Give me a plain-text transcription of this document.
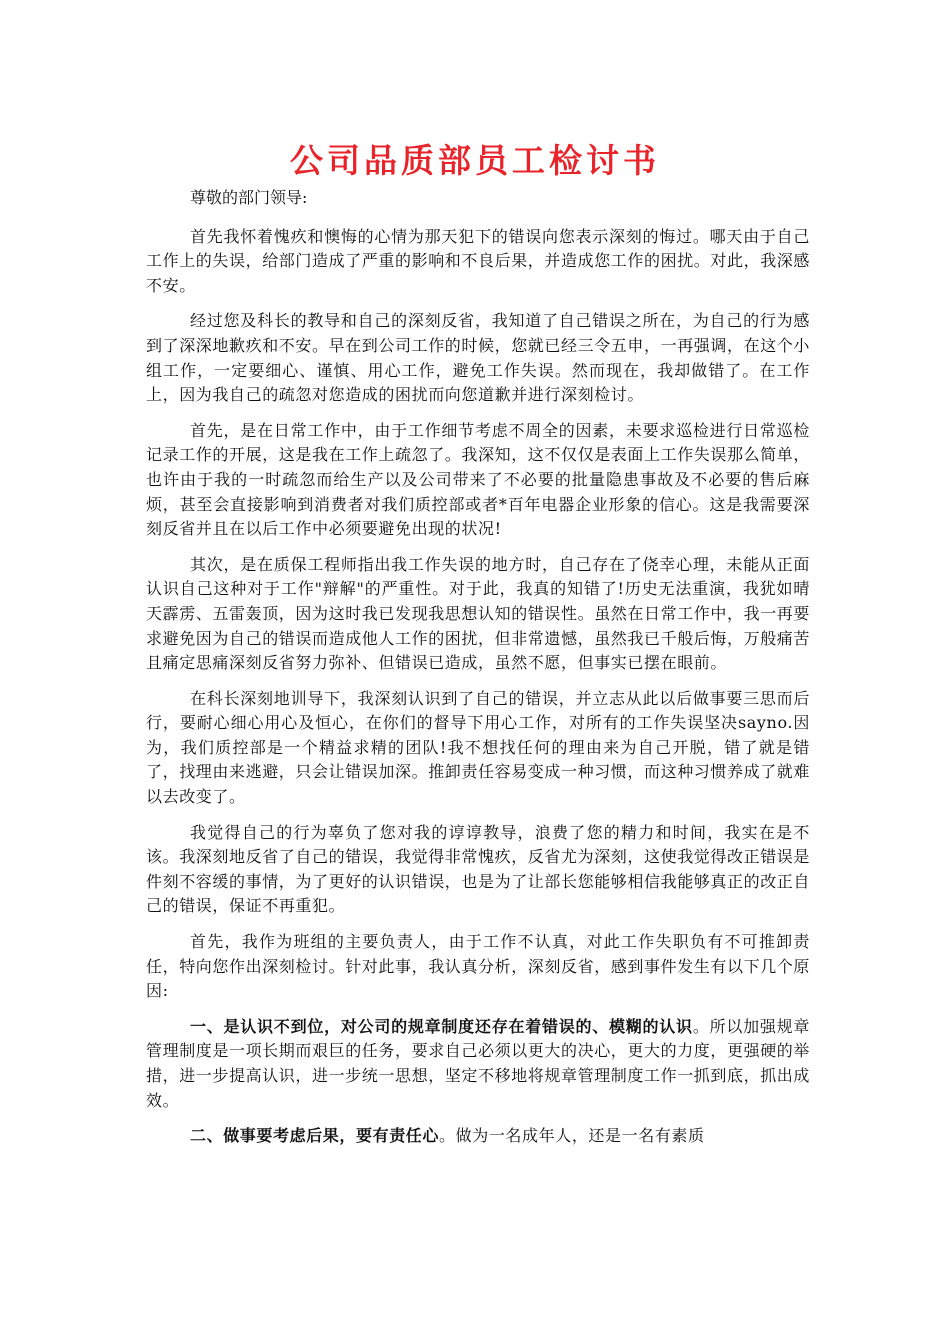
公司品质部员工检讨书

尊敬的部门领导:

首先我怀着愧疚和懊悔的心情为那天犯下的错误向您表示深刻的悔过。哪天由于自己工作上的失误，给部门造成了严重的影响和不良后果，并造成您工作的困扰。对此，我深感不安。

经过您及科长的教导和自己的深刻反省，我知道了自己错误之所在，为自己的行为感到了深深地歉疚和不安。早在到公司工作的时候，您就已经三令五申，一再强调，在这个小组工作，一定要细心、谨慎、用心工作，避免工作失误。然而现在，我却做错了。在工作上，因为我自己的疏忽对您造成的困扰而向您道歉并进行深刻检讨。

首先，是在日常工作中，由于工作细节考虑不周全的因素，未要求巡检进行日常巡检记录工作的开展，这是我在工作上疏忽了。我深知，这不仅仅是表面上工作失误那么简单，也许由于我的一时疏忽而给生产以及公司带来了不必要的批量隐患事故及不必要的售后麻烦，甚至会直接影响到消费者对我们质控部或者*百年电器企业形象的信心。这是我需要深刻反省并且在以后工作中必须要避免出现的状况!

其次，是在质保工程师指出我工作失误的地方时，自己存在了侥幸心理，未能从正面认识自己这种对于工作"辩解"的严重性。对于此，我真的知错了!历史无法重演，我犹如晴天霹雳、五雷轰顶，因为这时我已发现我思想认知的错误性。虽然在日常工作中，我一再要求避免因为自己的错误而造成他人工作的困扰，但非常遗憾，虽然我已千般后悔，万般痛苦且痛定思痛深刻反省努力弥补、但错误已造成，虽然不愿，但事实已摆在眼前。

在科长深刻地训导下，我深刻认识到了自己的错误，并立志从此以后做事要三思而后行，要耐心细心用心及恒心，在你们的督导下用心工作，对所有的工作失误坚决sayno.因为，我们质控部是一个精益求精的团队!我不想找任何的理由来为自己开脱，错了就是错了，找理由来逃避，只会让错误加深。推卸责任容易变成一种习惯，而这种习惯养成了就难以去改变了。

我觉得自己的行为辜负了您对我的谆谆教导，浪费了您的精力和时间，我实在是不该。我深刻地反省了自己的错误，我觉得非常愧疚，反省尤为深刻，这使我觉得改正错误是件刻不容缓的事情，为了更好的认识错误，也是为了让部长您能够相信我能够真正的改正自己的错误，保证不再重犯。

首先，我作为班组的主要负责人，由于工作不认真，对此工作失职负有不可推卸责任，特向您作出深刻检讨。针对此事，我认真分析，深刻反省，感到事件发生有以下几个原因:

一、是认识不到位，对公司的规章制度还存在着错误的、模糊的认识。所以加强规章管理制度是一项长期而艰巨的任务，要求自己必须以更大的决心，更大的力度，更强硬的举措，进一步提高认识，进一步统一思想，坚定不移地将规章管理制度工作一抓到底，抓出成效。

二、做事要考虑后果，要有责任心。做为一名成年人，还是一名有素质
